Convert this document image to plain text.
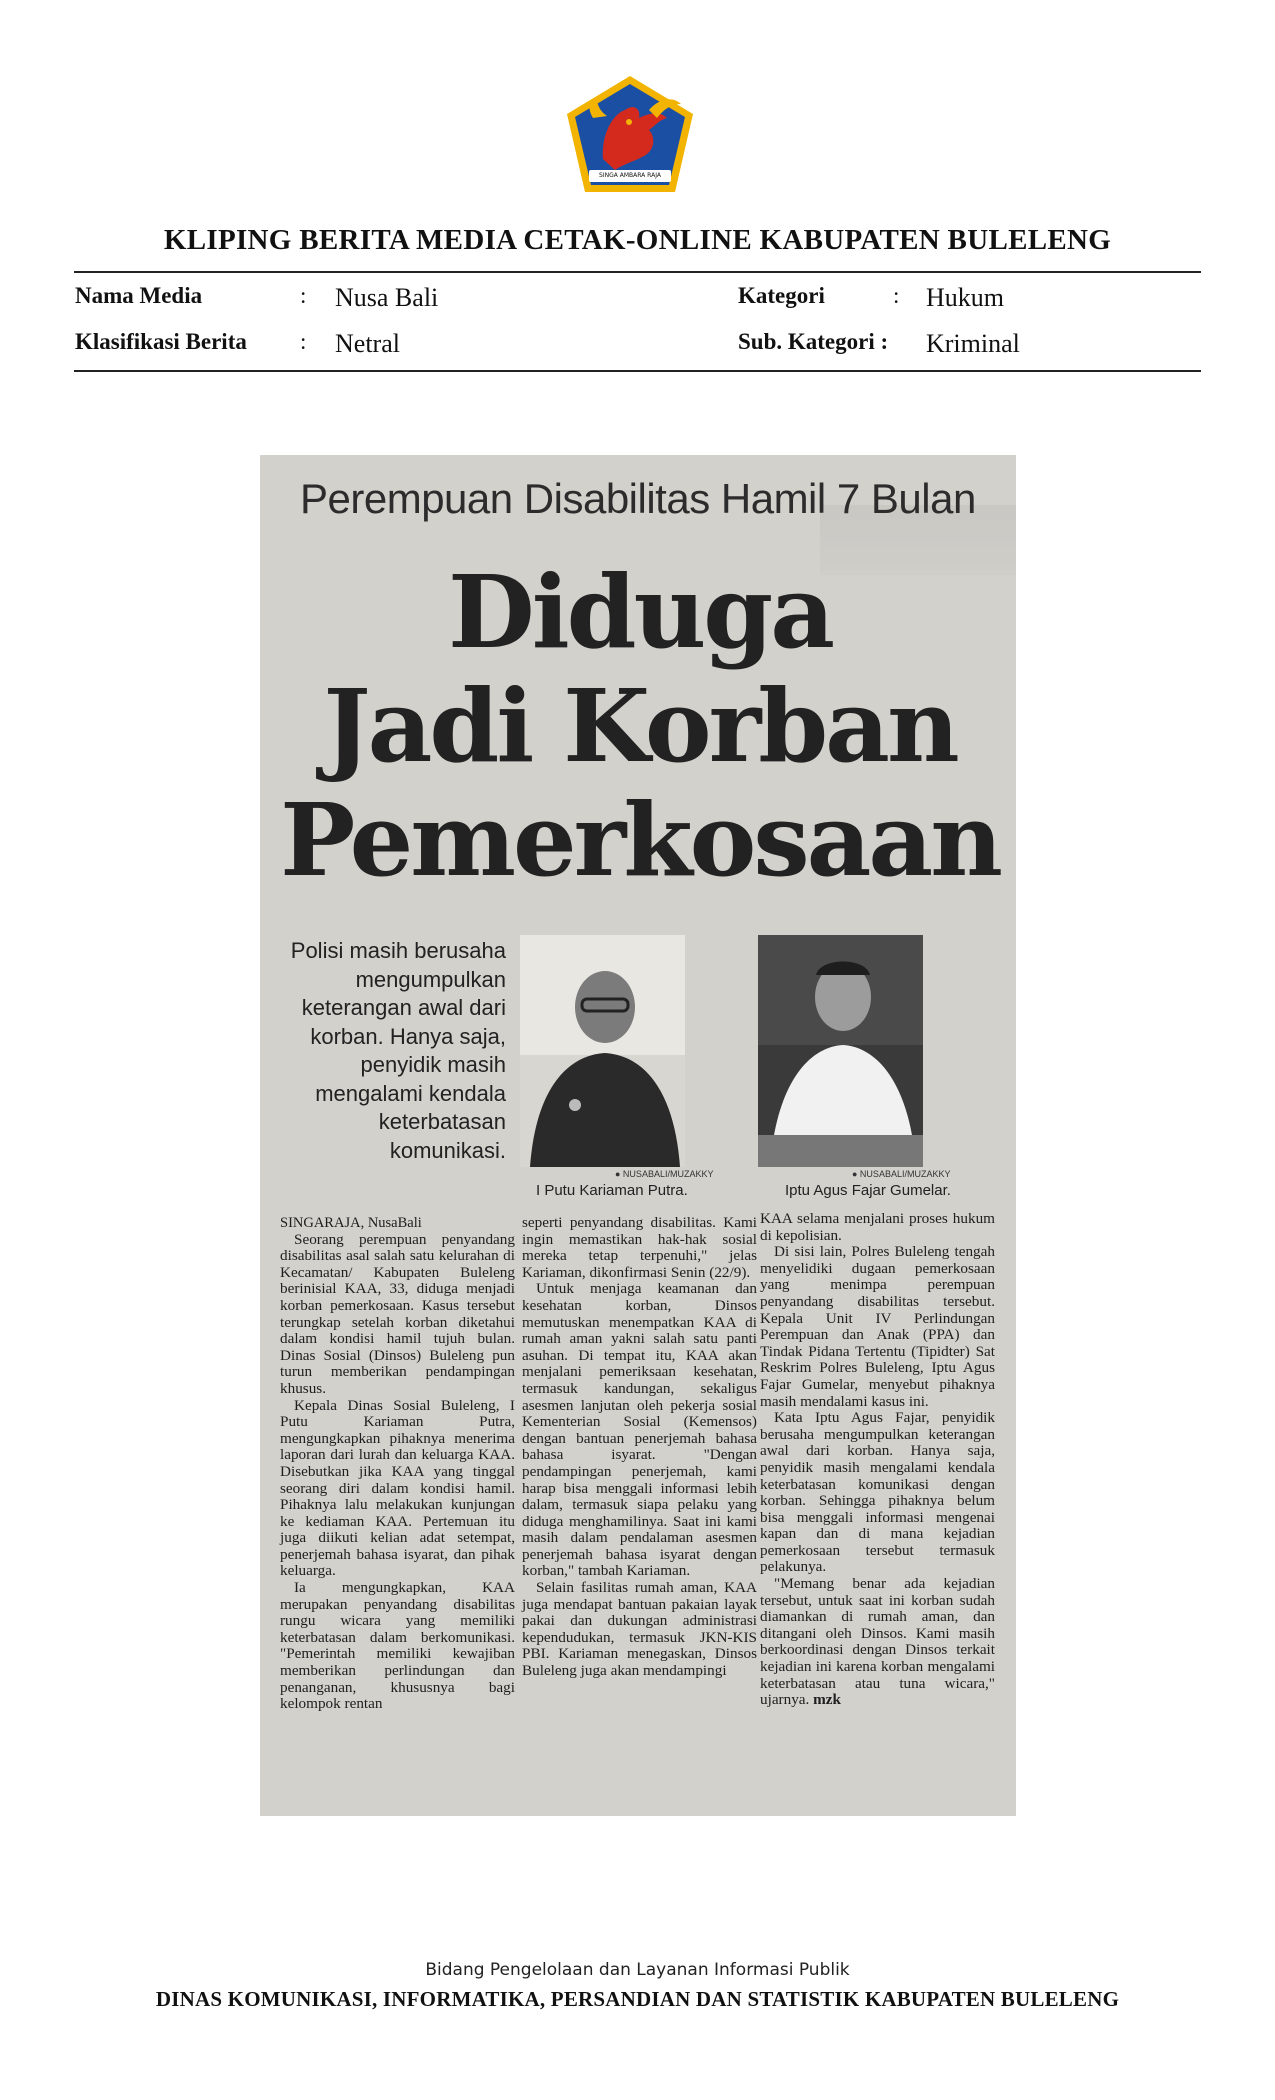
SINGA AMBARA RAJA
KLIPING BERITA MEDIA CETAK-ONLINE KABUPATEN BULELENG
Nama Media	: Nusa Bali
Klasifikasi Berita : Netral
Kategori	: Hukum
Sub. Kategori : Kriminal
Perempuan Disabilitas Hamil 7 Bulan
Diduga
Jadi Korban
Pemerkosaan
Polisi masih berusaha mengumpulkan keterangan awal dari korban. Hanya saja, penyidik masih mengalami kendala keterbatasan komunikasi.
● NUSABALI/MUZAKKY
I Putu Kariaman Putra.
● NUSABALI/MUZAKKY
Iptu Agus Fajar Gumelar.

SINGARAJA, NusaBali

Seorang perempuan penyandang disabilitas asal salah satu kelurahan di Kecamatan/ Kabupaten Buleleng berinisial KAA, 33, diduga menjadi korban pemerkosaan. Kasus tersebut terungkap setelah korban diketahui dalam kondisi hamil tujuh bulan. Dinas Sosial (Dinsos) Buleleng pun turun memberikan pendampingan khusus.

Kepala Dinas Sosial Buleleng, I Putu Kariaman Putra, mengungkapkan pihaknya menerima laporan dari lurah dan keluarga KAA. Disebutkan jika KAA yang tinggal seorang diri dalam kondisi hamil. Pihaknya lalu melakukan kunjungan ke kediaman KAA. Pertemuan itu juga diikuti kelian adat setempat, penerjemah bahasa isyarat, dan pihak keluarga.

Ia mengungkapkan, KAA merupakan penyandang disabilitas rungu wicara yang memiliki keterbatasan dalam berkomunikasi. "Pemerintah memiliki kewajiban memberikan perlindungan dan penanganan, khususnya bagi kelompok rentan

seperti penyandang disabilitas. Kami ingin memastikan hak-hak sosial mereka tetap terpenuhi," jelas Kariaman, dikonfirmasi Senin (22/9).

Untuk menjaga keamanan dan kesehatan korban, Dinsos memutuskan menempatkan KAA di rumah aman yakni salah satu panti asuhan. Di tempat itu, KAA akan menjalani pemeriksaan kesehatan, termasuk kandungan, sekaligus asesmen lanjutan oleh pekerja sosial Kementerian Sosial (Kemensos) dengan bantuan penerjemah bahasa bahasa isyarat. "Dengan pendampingan penerjemah, kami harap bisa menggali informasi lebih dalam, termasuk siapa pelaku yang diduga menghamilinya. Saat ini kami masih dalam pendalaman asesmen penerjemah bahasa isyarat dengan korban," tambah Kariaman.

Selain fasilitas rumah aman, KAA juga mendapat bantuan pakaian layak pakai dan dukungan administrasi kependudukan, termasuk JKN-KIS PBI. Kariaman menegaskan, Dinsos Buleleng juga akan mendampingi

KAA selama menjalani proses hukum di kepolisian.

Di sisi lain, Polres Buleleng tengah menyelidiki dugaan pemerkosaan yang menimpa perempuan penyandang disabilitas tersebut. Kepala Unit IV Perlindungan Perempuan dan Anak (PPA) dan Tindak Pidana Tertentu (Tipidter) Sat Reskrim Polres Buleleng, Iptu Agus Fajar Gumelar, menyebut pihaknya masih mendalami kasus ini.

Kata Iptu Agus Fajar, penyidik berusaha mengumpulkan keterangan awal dari korban. Hanya saja, penyidik masih mengalami kendala keterbatasan komunikasi dengan korban. Sehingga pihaknya belum bisa menggali informasi mengenai kapan dan di mana kejadian pemerkosaan tersebut termasuk pelakunya.

"Memang benar ada kejadian tersebut, untuk saat ini korban sudah diamankan di rumah aman, dan ditangani oleh Dinsos. Kami masih berkoordinasi dengan Dinsos terkait kejadian ini karena korban mengalami keterbatasan atau tuna wicara," ujarnya. mzk

Bidang Pengelolaan dan Layanan Informasi Publik
DINAS KOMUNIKASI, INFORMATIKA, PERSANDIAN DAN STATISTIK KABUPATEN BULELENG
